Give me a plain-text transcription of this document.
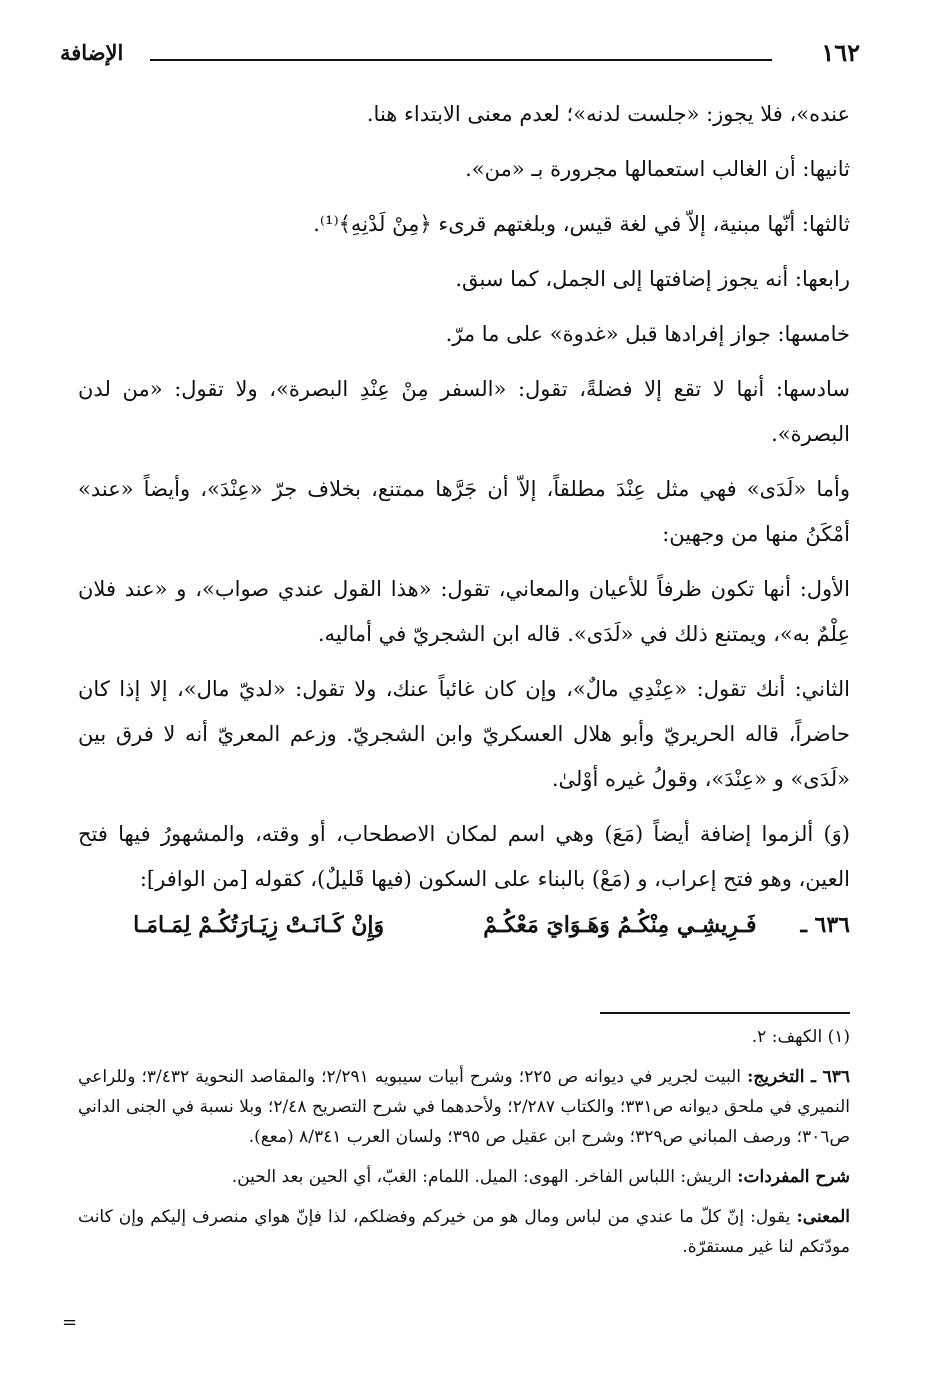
١٦٢
الإضافة

عنده»، فلا يجوز: «جلست لدنه»؛ لعدم معنى الابتداء هنا.

ثانيها: أن الغالب استعمالها مجرورة بـ «من».

ثالثها: أنّها مبنية، إلاّ في لغة قيس، وبلغتهم قرىء ﴿مِنْ لَدْنِهِ﴾⁽¹⁾.

رابعها: أنه يجوز إضافتها إلى الجمل، كما سبق.

خامسها: جواز إفرادها قبل «غدوة» على ما مرّ.

سادسها: أنها لا تقع إلا فضلةً، تقول: «السفر مِنْ عِنْدِ البصرة»، ولا تقول: «من لدن البصرة».

وأما «لَدَى» فهي مثل عِنْدَ مطلقاً، إلاّ أن جَرَّها ممتنع، بخلاف جرّ «عِنْدَ»، وأيضاً «عند» أمْكَنُ منها من وجهين:

الأول: أنها تكون ظرفاً للأعيان والمعاني، تقول: «هذا القول عندي صواب»، و «عند فلان عِلْمٌ به»، ويمتنع ذلك في «لَدَى». قاله ابن الشجريّ في أماليه.

الثاني: أنك تقول: «عِنْدِي مالٌ»، وإن كان غائباً عنك، ولا تقول: «لديّ مال»، إلا إذا كان حاضراً، قاله الحريريّ وأبو هلال العسكريّ وابن الشجريّ. وزعم المعريّ أنه لا فرق بين «لَدَى» و «عِنْدَ»، وقولُ غيره أوْلىٰ.

(وَ) ألزموا إضافة أيضاً (مَعَ) وهي اسم لمكان الاصطحاب، أو وقته، والمشهورُ فيها فتح العين، وهو فتح إعراب، و (مَعْ) بالبناء على السكون (فيها قَليلٌ)، كقوله [من الوافر]:

٦٣٦ ـ
فَـرِيشِـي مِنْكُـمُ وَهَـوَايَ مَعْكُـمْ
وَإِنْ كَـانَـتْ زِيَـارَتُكُـمْ لِمَـامَـا

(١) الكهف: ٢.

٦٣٦ ـ التخريج: البيت لجرير في ديوانه ص ٢٢٥؛ وشرح أبيات سيبويه ٢/٢٩١؛ والمقاصد النحوية ٣/٤٣٢؛ وللراعي النميري في ملحق ديوانه ص٣٣١؛ والكتاب ٢/٢٨٧؛ ولأحدهما في شرح التصريح ٢/٤٨؛ وبلا نسبة في الجنى الداني ص٣٠٦؛ ورصف المباني ص٣٢٩؛ وشرح ابن عقيل ص ٣٩٥؛ ولسان العرب ٨/٣٤١ (معع).

شرح المفردات: الريش: اللباس الفاخر. الهوى: الميل. اللمام: الغبّ، أي الحين بعد الحين.

المعنى: يقول: إنّ كلّ ما عندي من لباس ومال هو من خيركم وفضلكم، لذا فإنّ هواي منصرف إليكم وإن كانت مودّتكم لنا غير مستقرّة.

=
